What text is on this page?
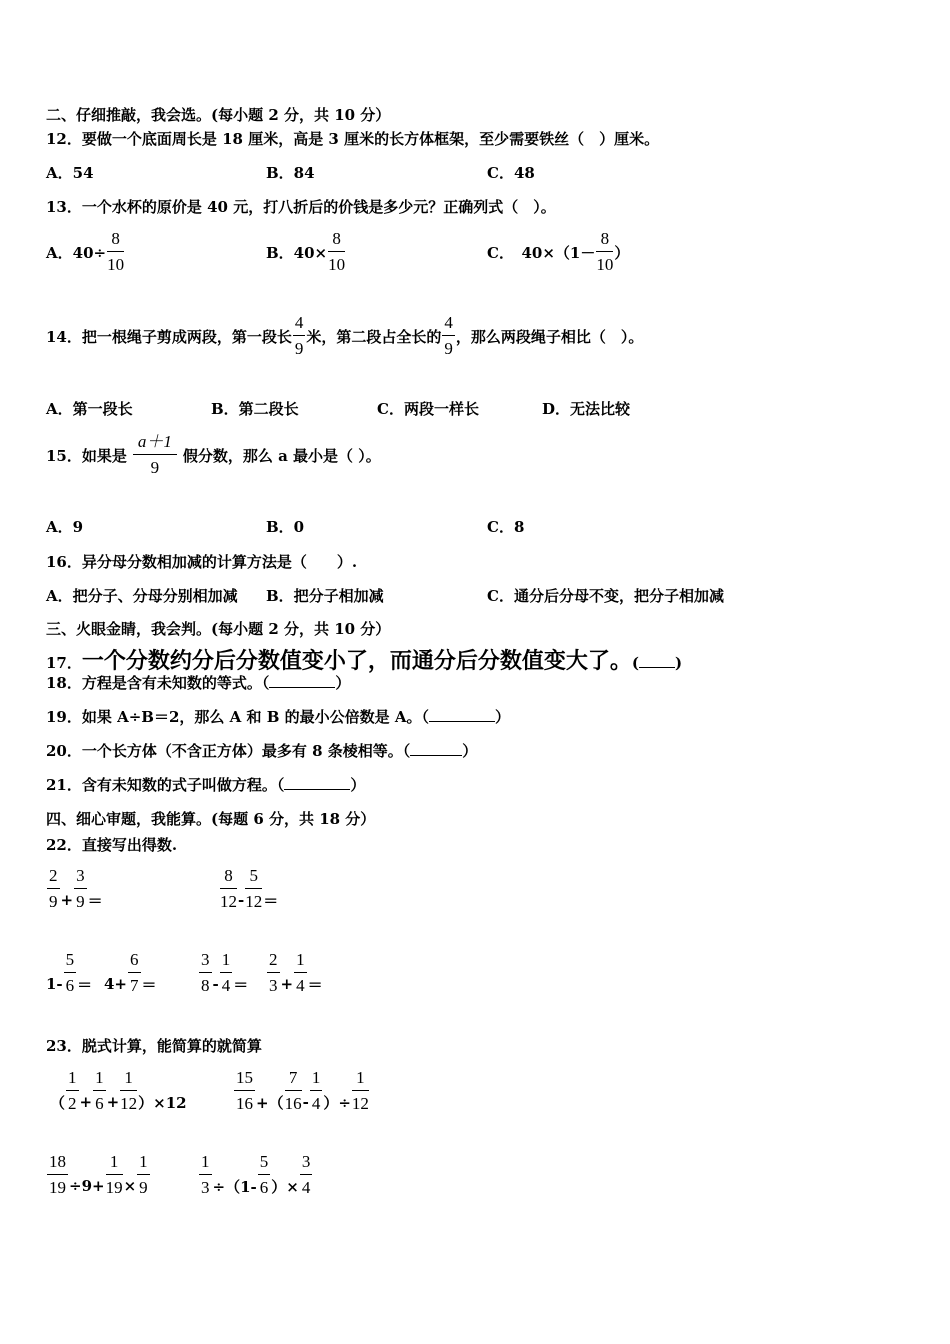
二、仔细推敲，我会选。(每小题 2 分，共 10 分）
12．要做一个底面周长是 18 厘米，高是 3 厘米的长方体框架，至少需要铁丝（　）厘米。
A．54	B．84	C．48
13．一个水杯的原价是 40 元，打八折后的价钱是多少元？正确列式（　）。
A．$40\div \frac{8}{10}$	B．$40\times \frac{8}{10}$	C．　$40\times(1- \frac{8}{10}$ ）
14． 把一根绳子剪成两段，第一段长 $\frac{4}{9}$ 米，第二段占全长的 $\frac{4}{9}$ ，那么两段绳子相比（　）。
A．第一段长	B．第二段长	C．两段一样长	D．无法比较
15． 如果是 $\frac{a+1}{9}$ 假分数，那么 a 最小是（ ）。
A．9	B．0	C．8
16．异分母分数相加减的计算方法是（　　）.
A．把分子、分母分别相加减 B．把分子相加减	C．通分后分母不变，把分子相加减
三、火眼金睛，我会判。(每小题 2 分，共 10 分）
17．一个分数约分后分数值变小了，而通分后分数值变大了。( )
18．方程是含有未知数的等式。（	）
19．如果 A÷B＝2，那么 A 和 B 的最小公倍数是 A。（	）
20．一个长方体（不含正方体）最多有 8 条棱相等。（	）
21．含有未知数的式子叫做方程。（	）
四、细心审题，我能算。(每题 6 分，共 18 分）
22．直接写出得数.
$\frac{2}{9} + \frac{3}{9}$ ＝	$\frac{8}{12} - \frac{5}{12}$ ＝
$1- \frac{5}{6} = 4+ \frac{6}{7} = \frac{3}{8} - \frac{1}{4} = \frac{2}{3} + \frac{1}{4}$ ＝
23．脱式计算，能简算的就简算
（ $\frac{1}{2} + \frac{1}{6} + \frac{1}{12} )\times 12$	$\frac{15}{16}$ +（ $\frac{7}{16} - \frac{1}{4}$ ）÷ $\frac{1}{12}$
$\frac{18}{19} \div 9+ \frac{1}{19} \times \frac{1}{9}$	$\frac{1}{3} \div(1- \frac{5}{6}$ ）× $\frac{3}{4}$
